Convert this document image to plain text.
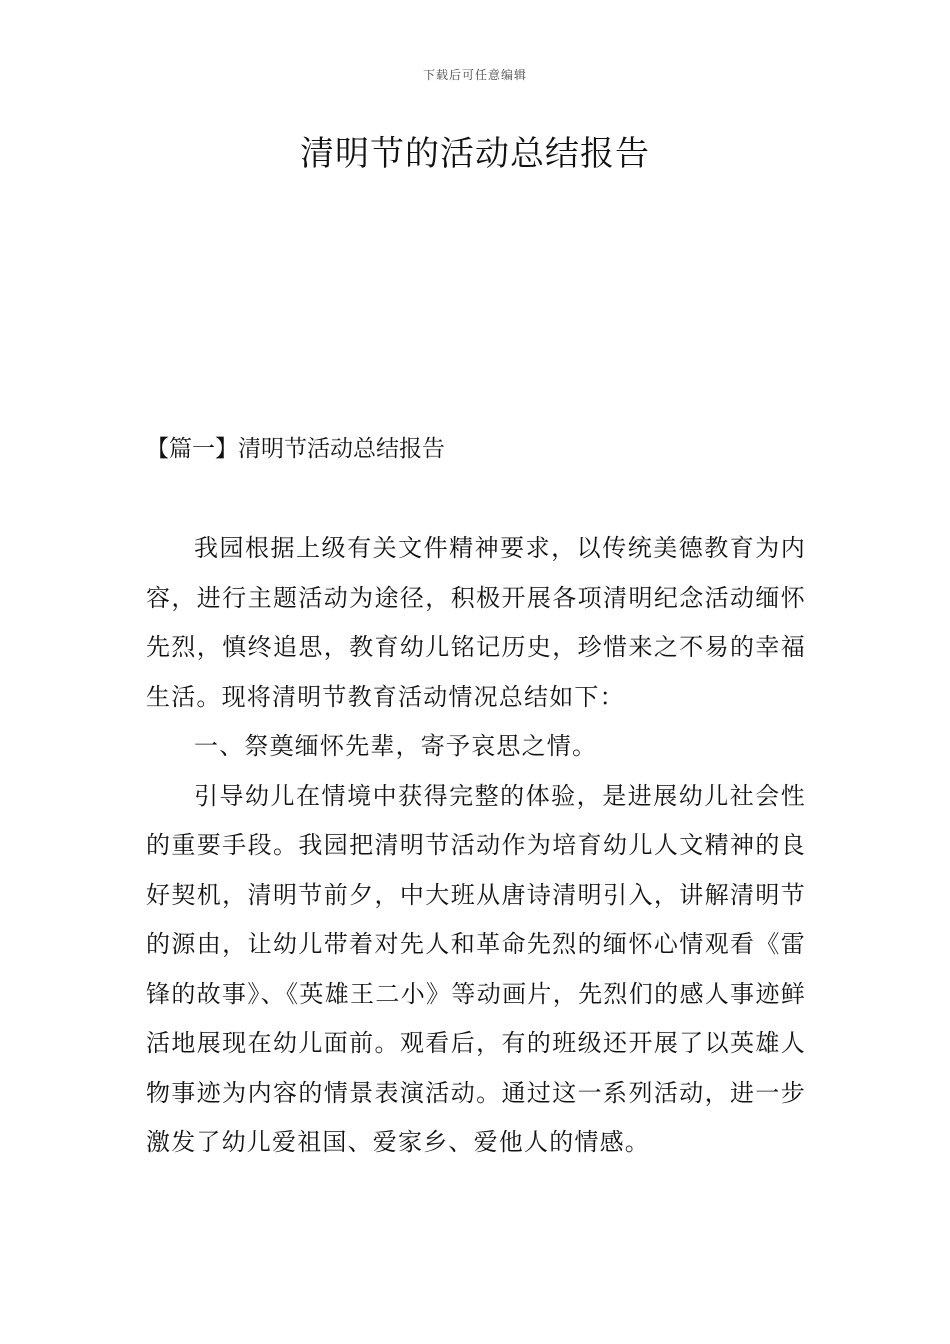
下载后可任意编辑
清明节的活动总结报告
【篇一】清明节活动总结报告

我园根据上级有关文件精神要求，以传统美德教育为内容，进行主题活动为途径，积极开展各项清明纪念活动缅怀先烈，慎终追思，教育幼儿铭记历史，珍惜来之不易的幸福生活。现将清明节教育活动情况总结如下：

一、祭奠缅怀先辈，寄予哀思之情。

引导幼儿在情境中获得完整的体验，是进展幼儿社会性的重要手段。我园把清明节活动作为培育幼儿人文精神的良好契机，清明节前夕，中大班从唐诗清明引入，讲解清明节的源由，让幼儿带着对先人和革命先烈的缅怀心情观看《雷锋的故事》、《英雄王二小》等动画片，先烈们的感人事迹鲜活地展现在幼儿面前。观看后，有的班级还开展了以英雄人物事迹为内容的情景表演活动。通过这一系列活动，进一步激发了幼儿爱祖国、爱家乡、爱他人的情感。
